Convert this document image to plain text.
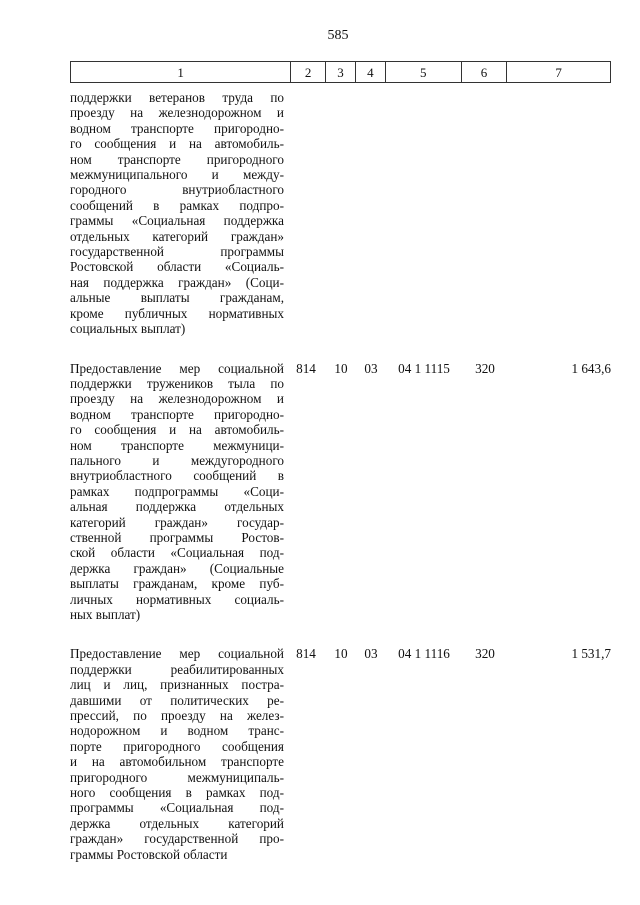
585
1	2	3	4	5	6	7
поддержки ветеранов труда по
проезду на железнодорожном и
водном транспорте пригородно-
го сообщения и на автомобиль-
ном транспорте пригородного
межмуниципального и между-
городного внутриобластного
сообщений в рамках подпро-
граммы «Социальная поддержка
отдельных категорий граждан»
государственной программы
Ростовской области «Социаль-
ная поддержка граждан» (Соци-
альные выплаты гражданам,
кроме публичных нормативных
социальных выплат)
Предоставление мер социальной
поддержки тружеников тыла по
проезду на железнодорожном и
водном транспорте пригородно-
го сообщения и на автомобиль-
ном транспорте межмуници-
пального и междугородного
внутриобластного сообщений в
рамках подпрограммы «Соци-
альная поддержка отдельных
категорий граждан» государ-
ственной программы Ростов-
ской области «Социальная под-
держка граждан» (Социальные
выплаты гражданам, кроме пуб-
личных нормативных социаль-
ных выплат)
814	10	03	04 1 1115	320	1 643,6
Предоставление мер социальной
поддержки реабилитированных
лиц и лиц, признанных постра-
давшими от политических ре-
прессий, по проезду на желез-
нодорожном и водном транс-
порте пригородного сообщения
и на автомобильном транспорте
пригородного межмуниципаль-
ного сообщения в рамках под-
программы «Социальная под-
держка отдельных категорий
граждан» государственной про-
граммы Ростовской области
814	10	03	04 1 1116	320	1 531,7
